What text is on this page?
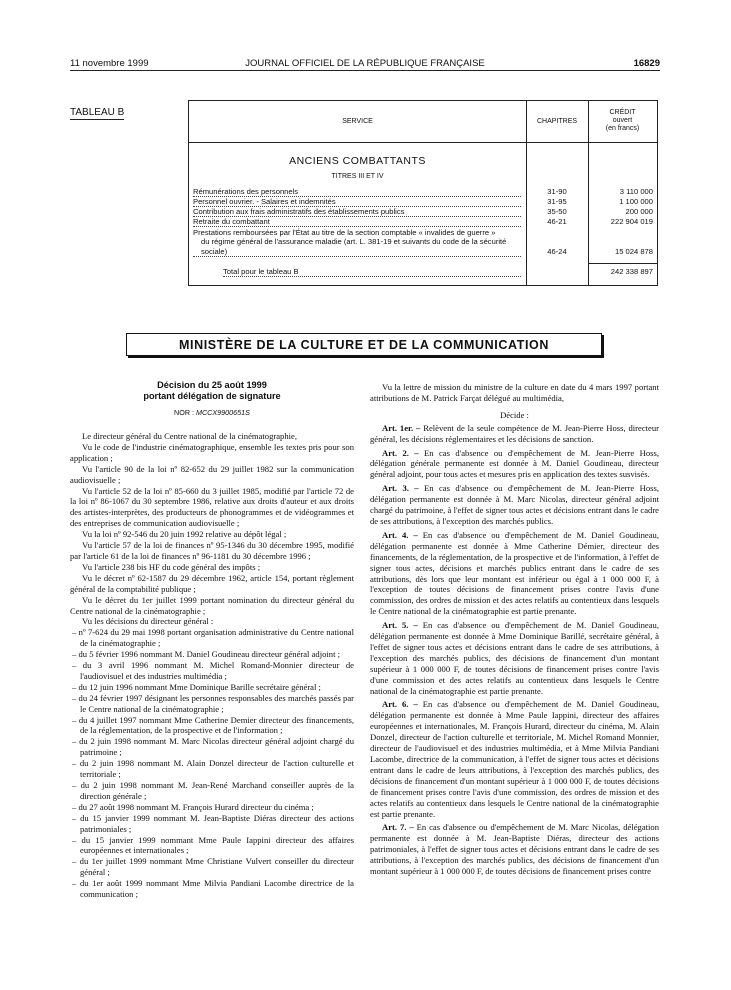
11 novembre 1999	JOURNAL OFFICIEL DE LA RÉPUBLIQUE FRANÇAISE	16829
TABLEAU B
SERVICE	CHAPITRES
CRÉDIT
ouvert
(en francs)
ANCIENS COMBATTANTS
TITRES III ET IV
Rémunérations des personnels	31-90	3 110 000
Personnel ouvrier. - Salaires et indemnités	31-95	1 100 000
Contribution aux frais administratifs des établissements publics	35-50	200 000
Retraite du combattant	46-21	222 904 019
Prestations remboursées par l'État au titre de la section comptable « invalides de guerre »
du régime général de l'assurance maladie (art. L. 381-19 et suivants du code de la sécurité
sociale)	46-24	15 024 878
Total pour le tableau B	242 338 897
MINISTÈRE DE LA CULTURE ET DE LA COMMUNICATION
Décision du 25 août 1999
portant délégation de signature
NOR : MCCX9900651S

Le directeur général du Centre national de la cinématographie,

Vu le code de l'industrie cinématographique, ensemble les textes pris pour son application ;

Vu l'article 90 de la loi nº 82-652 du 29 juillet 1982 sur la communication audiovisuelle ;

Vu l'article 52 de la loi nº 85-660 du 3 juillet 1985, modifié par l'article 72 de la loi nº 86-1067 du 30 septembre 1986, relative aux droits d'auteur et aux droits des artistes-interprètes, des producteurs de phonogrammes et de vidéogrammes et des entreprises de communication audiovisuelle ;

Vu la loi nº 92-546 du 20 juin 1992 relative au dépôt légal ;

Vu l'article 57 de la loi de finances nº 95-1346 du 30 décembre 1995, modifié par l'article 61 de la loi de finances nº 96-1181 du 30 décembre 1996 ;

Vu l'article 238 bis HF du code général des impôts ;

Vu le décret nº 62-1587 du 29 décembre 1962, article 154, portant règlement général de la comptabilité publique ;

Vu le décret du 1er juillet 1999 portant nomination du directeur général du Centre national de la cinématographie ;

Vu les décisions du directeur général :

– nº 7-624 du 29 mai 1998 portant organisation administrative du Centre national de la cinématographie ;

– du 5 février 1996 nommant M. Daniel Goudineau directeur général adjoint ;

– du 3 avril 1996 nommant M. Michel Romand-Monnier directeur de l'audiovisuel et des industries multimédia ;

– du 12 juin 1996 nommant Mme Dominique Barille secrétaire général ;

– du 24 février 1997 désignant les personnes responsables des marchés passés par le Centre national de la cinématographie ;

– du 4 juillet 1997 nommant Mme Catherine Demier directeur des financements, de la réglementation, de la prospective et de l'information ;

– du 2 juin 1998 nommant M. Marc Nicolas directeur général adjoint chargé du patrimoine ;

– du 2 juin 1998 nommant M. Alain Donzel directeur de l'action culturelle et territoriale ;

– du 2 juin 1998 nommant M. Jean-René Marchand conseiller auprès de la direction générale ;

– du 27 août 1998 nommant M. François Hurard directeur du cinéma ;

– du 15 janvier 1999 nommant M. Jean-Baptiste Diéras directeur des actions patrimoniales ;

– du 15 janvier 1999 nommant Mme Paule Iappini directeur des affaires européennes et internationales ;

– du 1er juillet 1999 nommant Mme Christiane Vulvert conseiller du directeur général ;

– du 1er août 1999 nommant Mme Milvia Pandiani Lacombe directrice de la communication ;

Vu la lettre de mission du ministre de la culture en date du 4 mars 1997 portant attributions de M. Patrick Farçat délégué au multimédia,

Décide :

Art. 1er. – Relèvent de la seule compétence de M. Jean-Pierre Hoss, directeur général, les décisions réglementaires et les décisions de sanction.

Art. 2. – En cas d'absence ou d'empêchement de M. Jean-Pierre Hoss, délégation générale permanente est donnée à M. Daniel Goudineau, directeur général adjoint, pour tous actes et mesures pris en application des textes susvisés.

Art. 3. – En cas d'absence ou d'empêchement de M. Jean-Pierre Hoss, délégation permanente est donnée à M. Marc Nicolas, directeur général adjoint chargé du patrimoine, à l'effet de signer tous actes et décisions entrant dans le cadre de ses attributions, à l'exception des marchés publics.

Art. 4. – En cas d'absence ou d'empêchement de M. Daniel Goudineau, délégation permanente est donnée à Mme Catherine Démier, directeur des financements, de la réglementation, de la prospective et de l'information, à l'effet de signer tous actes, décisions et marchés publics entrant dans le cadre de ses attributions, dès lors que leur montant est inférieur ou égal à 1 000 000 F, à l'exception de toutes décisions de financement prises contre l'avis d'une commission, des ordres de mission et des actes relatifs au contentieux dans lesquels le Centre national de la cinématographie est partie prenante.

Art. 5. – En cas d'absence ou d'empêchement de M. Daniel Goudineau, délégation permanente est donnée à Mme Dominique Barillé, secrétaire général, à l'effet de signer tous actes et décisions entrant dans le cadre de ses attributions, à l'exception des marchés publics, des décisions de financement d'un montant supérieur à 1 000 000 F, de toutes décisions de financement prises contre l'avis d'une commission et des actes relatifs au contentieux dans lesquels le Centre national de la cinématographie est partie prenante.

Art. 6. – En cas d'absence ou d'empêchement de M. Daniel Goudineau, délégation permanente est donnée à Mme Paule Iappini, directeur des affaires européennes et internationales, M. François Hurard, directeur du cinéma, M. Alain Donzel, directeur de l'action culturelle et territoriale, M. Michel Romand Monnier, directeur de l'audiovisuel et des industries multimédia, et à Mme Milvia Pandiani Lacombe, directrice de la communication, à l'effet de signer tous actes et décisions entrant dans le cadre de leurs attributions, à l'exception des marchés publics, des décisions de financement d'un montant supérieur à 1 000 000 F, de toutes décisions de financement prises contre l'avis d'une commission, des ordres de mission et des actes relatifs au contentieux dans lesquels le Centre national de la cinématographie est partie prenante.

Art. 7. – En cas d'absence ou d'empêchement de M. Marc Nicolas, délégation permanente est donnée à M. Jean-Baptiste Diéras, directeur des actions patrimoniales, à l'effet de signer tous actes et décisions entrant dans le cadre de ses attributions, à l'exception des marchés publics, des décisions de financement d'un montant supérieur à 1 000 000 F, de toutes décisions de financement prises contre
